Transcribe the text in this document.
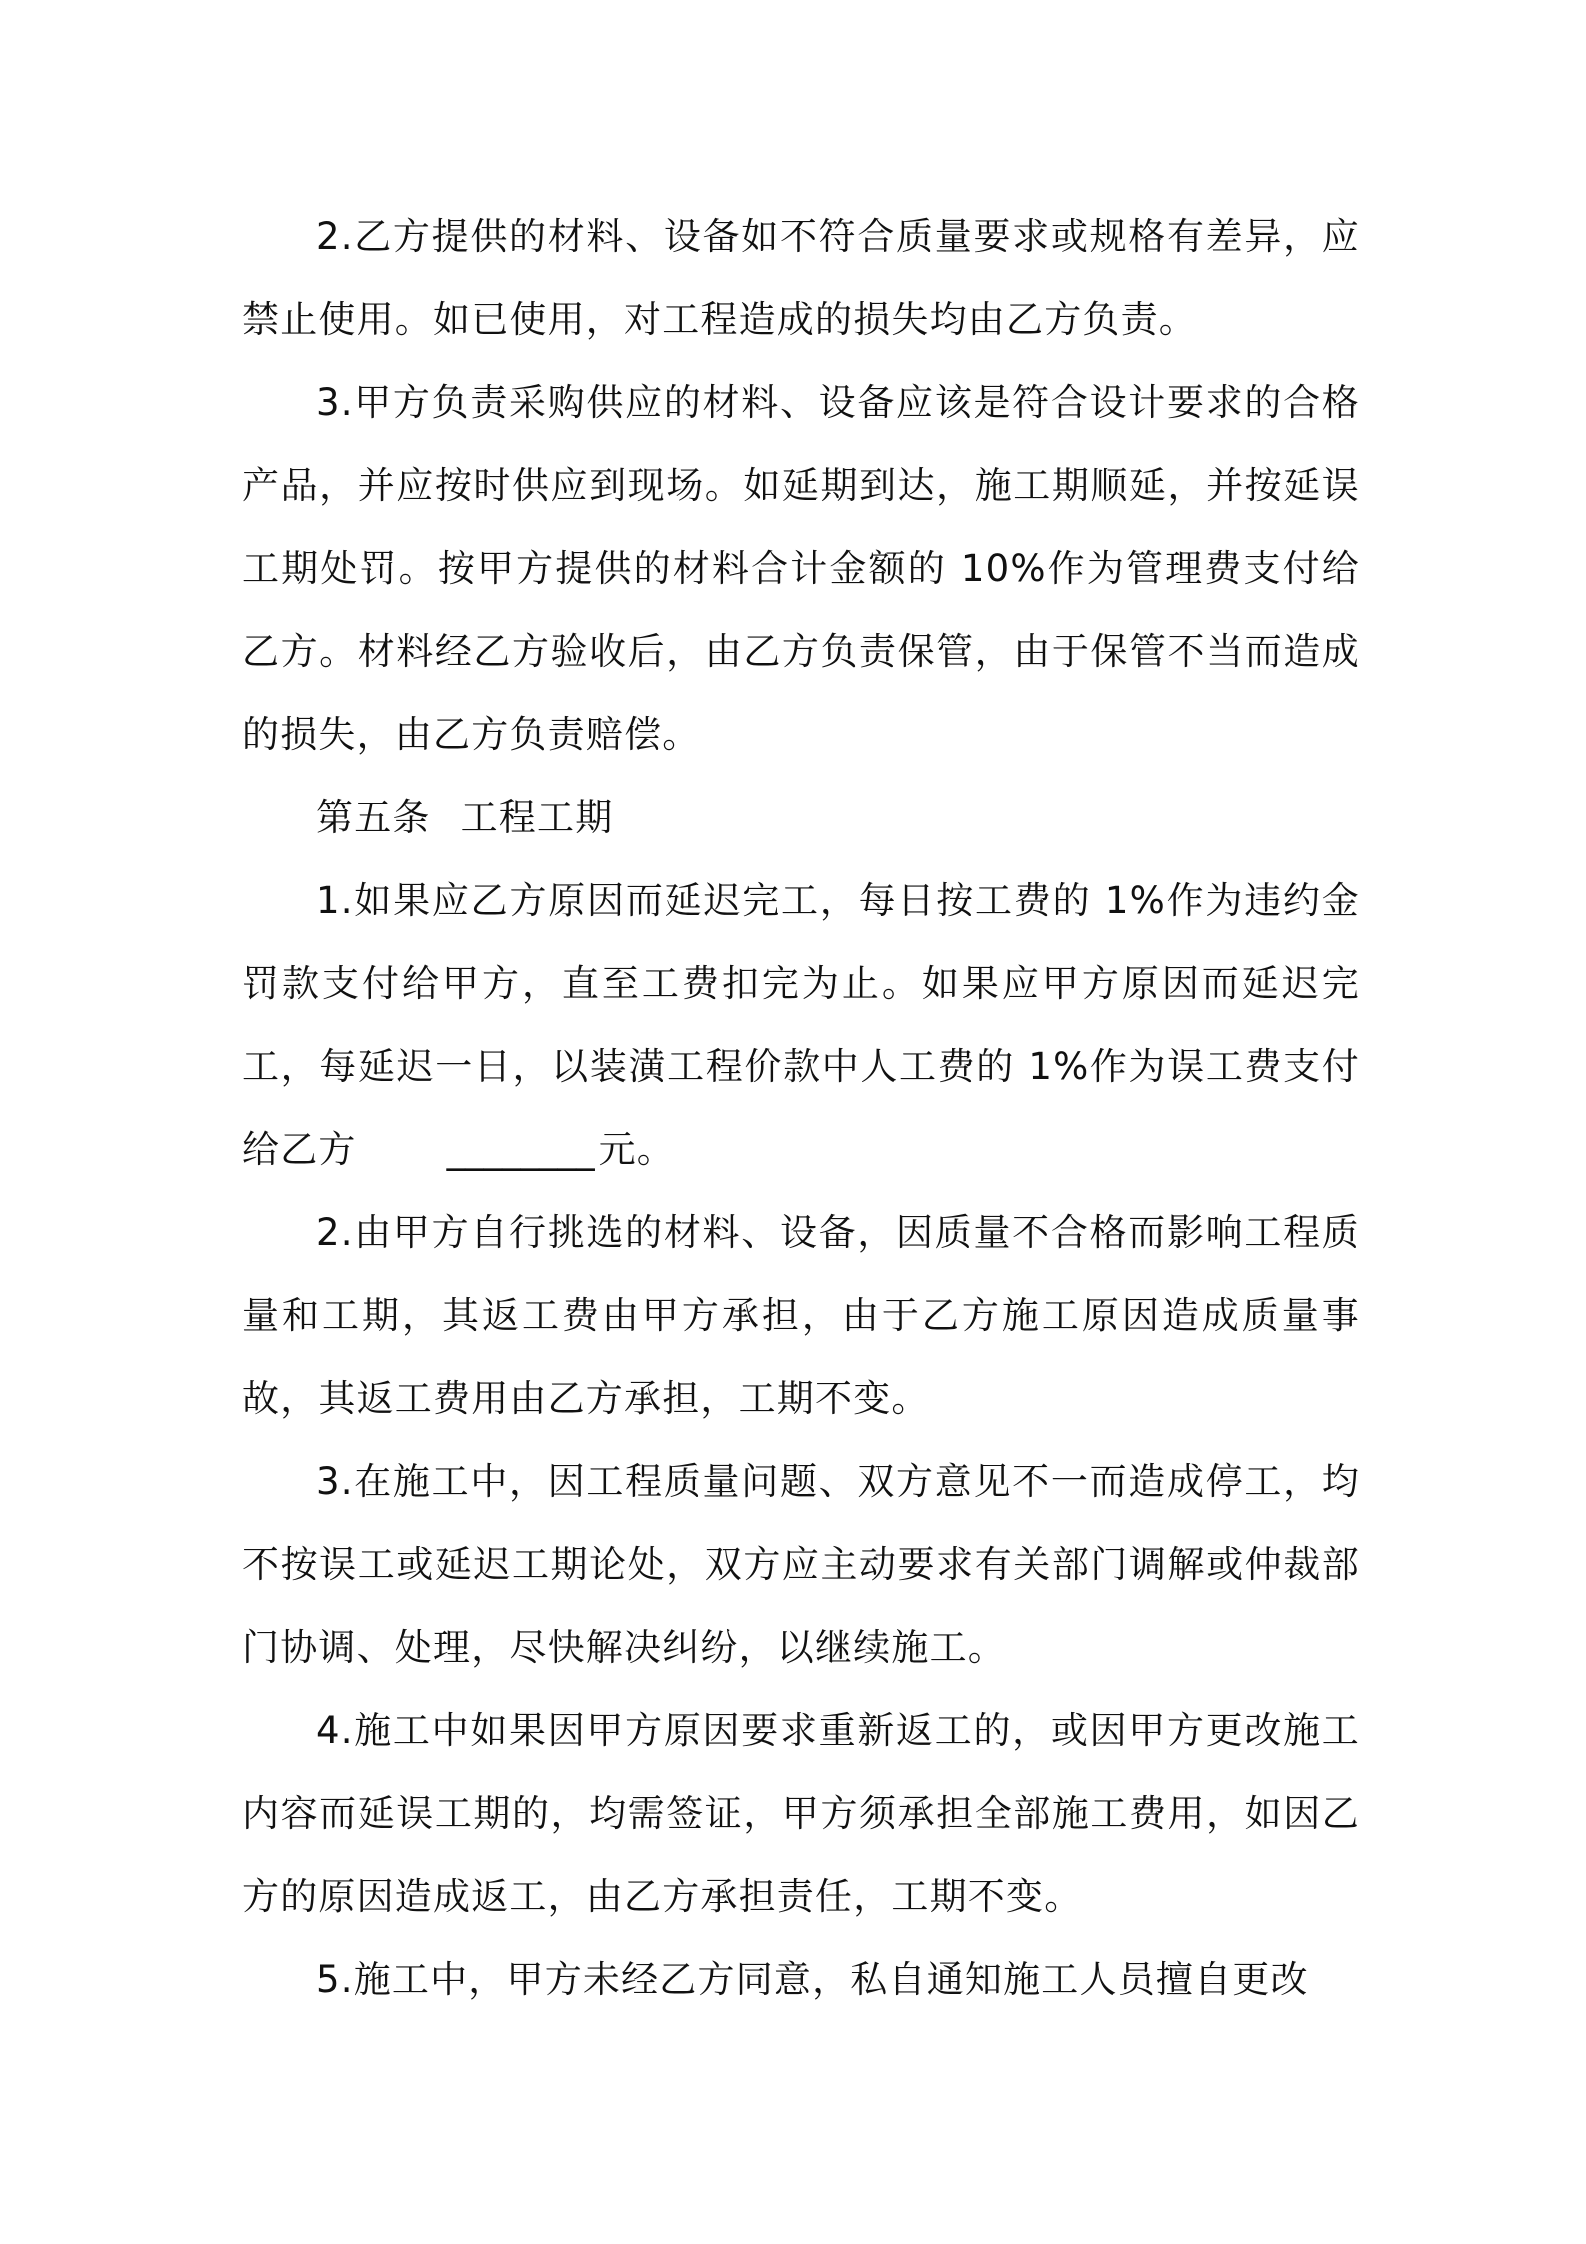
2.乙方提供的材料、设备如不符合质量要求或规格有差异，应禁止使用。如已使用，对工程造成的损失均由乙方负责。

3.甲方负责采购供应的材料、设备应该是符合设计要求的合格产品，并应按时供应到现场。如延期到达，施工期顺延，并按延误工期处罚。按甲方提供的材料合计金额的 10%作为管理费支付给乙方。材料经乙方验收后，由乙方负责保管，由于保管不当而造成的损失，由乙方负责赔偿。

第五条 工程工期

1.如果应乙方原因而延迟完工，每日按工费的 1%作为违约金罚款支付给甲方，直至工费扣完为止。如果应甲方原因而延迟完工，每延迟一日，以装潢工程价款中人工费的 1%作为误工费支付给乙方 ________ 元。

2.由甲方自行挑选的材料、设备，因质量不合格而影响工程质量和工期，其返工费由甲方承担，由于乙方施工原因造成质量事故，其返工费用由乙方承担，工期不变。

3.在施工中，因工程质量问题、双方意见不一而造成停工，均不按误工或延迟工期论处，双方应主动要求有关部门调解或仲裁部门协调、处理，尽快解决纠纷，以继续施工。

4.施工中如果因甲方原因要求重新返工的，或因甲方更改施工内容而延误工期的，均需签证，甲方须承担全部施工费用，如因乙方的原因造成返工，由乙方承担责任，工期不变。

5.施工中，甲方未经乙方同意，私自通知施工人员擅自更改
